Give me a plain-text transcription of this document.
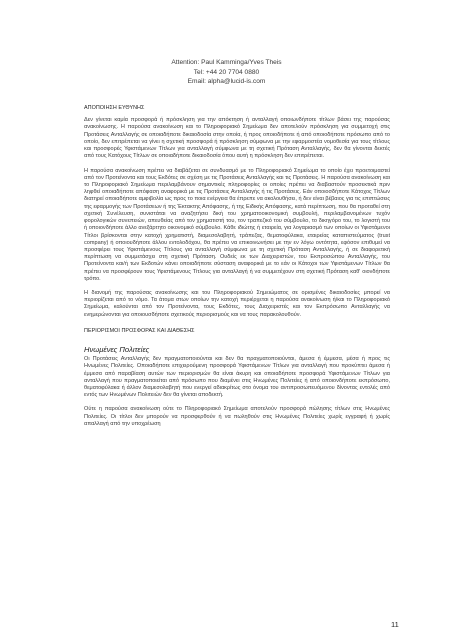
Attention: Paul Kamminga/Yves Theis
Tel: +44 20 7704 0880
Email: alpha@lucid-is.com
ΑΠΟΠΟΙΗΣΗ ΕΥΘΥΝΗΣ

Δεν γίνεται καμία προσφορά ή πρόσκληση για την απόκτηση ή ανταλλαγή οποιωνδήποτε τίτλων βάσει της παρούσας ανακοίνωσης. Η παρούσα ανακοίνωση και το Πληροφοριακό Σημείωμα δεν αποτελούν πρόσκληση για συμμετοχή στις Προτάσεις Ανταλλαγής σε οποιαδήποτε δικαιοδοσία στην οποία, ή προς οποιοδήποτε ή από οποιοδήποτε πρόσωπο από το οποίο, δεν επιτρέπεται να γίνει η σχετική προσφορά ή πρόσκληση σύμφωνα με την εφαρμοστέα νομοθεσία για τους τίτλους και προσφορές Υφιστάμενων Τίτλων για ανταλλαγή σύμφωνα με τη σχετική Πρόταση Ανταλλαγής, δεν θα γίνονται δεκτές από τους Κατόχους Τίτλων σε οποιαδήποτε δικαιοδοσία όπου αυτή η πρόσκληση δεν επιτρέπεται.

Η παρούσα ανακοίνωση πρέπει να διαβάζεται σε συνδυασμό με το Πληροφοριακό Σημείωμα το οποίο έχει προετοιμαστεί από τον Προτείνοντα και τους Εκδότες σε σχέση με τις Προτάσεις Ανταλλαγής και τις Προτάσεις. Η παρούσα ανακοίνωση και το Πληροφοριακό Σημείωμα περιλαμβάνουν σημαντικές πληροφορίες οι οποίες πρέπει να διαβαστούν προσεκτικά πριν ληφθεί οποιαδήποτε απόφαση αναφορικά με τις Προτάσεις Ανταλλαγής ή τις Προτάσεις. Εάν οποιοσδήποτε Κάτοχος Τίτλων διατηρεί οποιαδήποτε αμφιβολία ως προς το ποια ενέργεια θα έπρεπε να ακολουθήσει, ή δεν είναι βέβαιος για τις επιπτώσεις της εφαρμογής των Προτάσεων ή της Έκτακτης Απόφασης, ή της Ειδικής Απόφασης, κατά περίπτωση, που θα προταθεί στη σχετική Συνέλευση, συνιστάται να αναζητήσει δική του χρηματοοικονομική συμβουλή, περιλαμβανομένων τυχόν φορολογικών συνεπειών, απευθείας από τον χρηματιστή του, τον τραπεζικό του σύμβουλο, το δικηγόρο του, το λογιστή του ή οποιονδήποτε άλλο ανεξάρτητο οικονομικό σύμβουλο. Κάθε ιδιώτης ή εταιρεία, για λογαριασμό των οποίων οι Υφιστάμενοι Τίτλοι βρίσκονται στην κατοχή χρηματιστή, διαμεσολαβητή, τράπεζας, θεματοφύλακα, εταιρείας καταπιστεύματος (trust company) ή οποιουδήποτε άλλου εντολοδόχου, θα πρέπει να επικοινωνήσει με την εν λόγω οντότητα, εφόσον επιθυμεί να προσφέρει τους Υφιστάμενους Τίτλους για ανταλλαγή σύμφωνα με τη σχετική Πρόταση Ανταλλαγής, ή σε διαφορετική περίπτωση να συμμετάσχει στη σχετική Πρόταση. Ουδείς εκ των Διαχειριστών, του Εκπροσώπου Ανταλλαγής, του Προτείνοντα και/ή των Εκδοτών κάνει οποιαδήποτε σύσταση αναφορικά με το εάν οι Κάτοχοι των Υφιστάμενων Τίτλων θα πρέπει να προσφέρουν τους Υφιστάμενους Τίτλους για ανταλλαγή ή να συμμετέχουν στη σχετική Πρόταση καθ' οιονδήποτε τρόπο.

Η διανομή της παρούσας ανακοίνωσης και του Πληροφοριακού Σημειώματος σε ορισμένες δικαιοδοσίες μπορεί να περιορίζεται από το νόμο. Τα άτομα στων οποίων την κατοχή περιέρχεται η παρούσα ανακοίνωση ή/και το Πληροφοριακό Σημείωμα, καλούνται από τον Προτείνοντα, τους Εκδότες, τους Διαχειριστές και τον Εκπρόσωπο Ανταλλαγής να ενημερώνονται για οποιουσδήποτε σχετικούς περιορισμούς και να τους παρακολουθούν.

ΠΕΡΙΟΡΙΣΜΟΙ ΠΡΟΣΦΟΡΑΣ ΚΑΙ ΔΙΑΘΕΣΗΣ
Ηνωμένες Πολιτείες

Οι Προτάσεις Ανταλλαγής δεν πραγματοποιούνται και δεν θα πραγματοποιούνται, άμεσα ή έμμεσα, μέσα ή προς τις Ηνωμένες Πολιτείες. Οποιαδήποτε επιχειρούμενη προσφορά Υφιστάμενων Τίτλων για ανταλλαγή που προκύπτει άμεσα ή έμμεσα από παραβίαση αυτών των περιορισμών θα είναι άκυρη και οποιαδήποτε προσφορά Υφιστάμενων Τίτλων για ανταλλαγή που πραγματοποιείται από πρόσωπο που διαμένει στις Ηνωμένες Πολιτείες ή από οποιονδήποτε εκπρόσωπο, θεματοφύλακα ή άλλον διαμεσολαβητή που ενεργεί αδιακρίτως στο όνομα του αντιπροσωπευόμενου δίνοντας εντολές από εντός των Ηνωμένων Πολιτειών δεν θα γίνεται αποδεκτή.

Ούτε η παρούσα ανακοίνωση ούτε το Πληροφοριακό Σημείωμα αποτελούν προσφορά πώλησης τίτλων στις Ηνωμένες Πολιτείες. Οι τίτλοι δεν μπορούν να προσφερθούν ή να πωληθούν στις Ηνωμένες Πολιτείες χωρίς εγγραφή ή χωρίς απαλλαγή από την υποχρέωση

11
